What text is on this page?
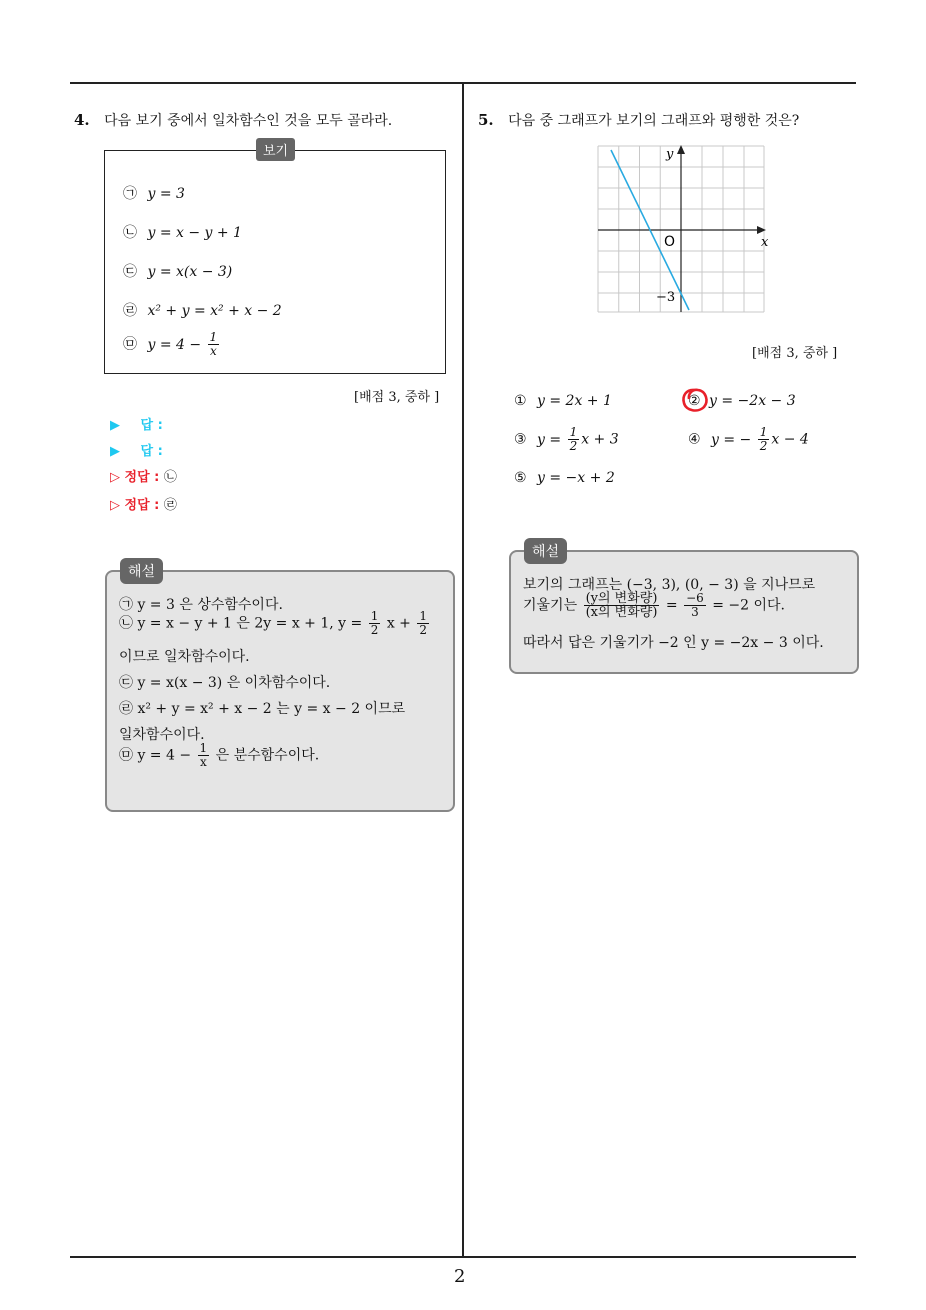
4. 다음 보기 중에서 일차함수인 것을 모두 골라라.
㉠ y = 3
㉡ y = x − y + 1
㉢ y = x(x − 3)
㉣ x² + y = x² + x − 2
㉤ $y = 4 - \frac{1}{x}$
보기
[배점 3, 중하 ]
▶ 답 :
▶ 답 :
▷ 정답 : ㉡
▷ 정답 : ㉣
㉠ y = 3 은 상수함수이다.
㉡ y = x − y + 1 은 2y = x + 1, $y = \frac{1}{2}$ $x + \frac{1}{2}$
이므로 일차함수이다.
㉢ y = x(x − 3) 은 이차함수이다.
㉣ x² + y = x² + x − 2 는 y = x − 2 이므로
일차함수이다.
㉤ $y = 4 - \frac{1}{x}$ 은 분수함수이다.
해설
5. 다음 중 그래프가 보기의 그래프와 평행한 것은?
y
x
O
−3
[배점 3, 중하 ]
① y = 2x + 1	② y = −2x − 3
③ $y = \frac{1}{2}$ x + 3	④ y = − $\frac{1}{2}$ x − 4
⑤ y = −x + 2
보기의 그래프는 (−3, 3), (0, − 3) 을 지나므로
기울기는 $\frac{\text{(y의 변화량)}}{\text{(x의 변화량)}} = \frac{-6}{3} = -2$ 이다.
따라서 답은 기울기가 −2 인 y = −2x − 3 이다.
해설
2
